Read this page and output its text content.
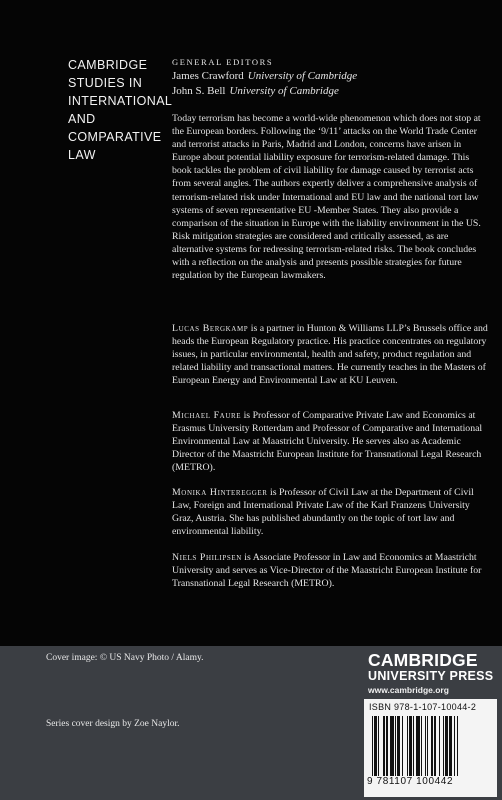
CAMBRIDGE
STUDIES IN
INTERNATIONAL
AND
COMPARATIVE
LAW
GENERAL EDITORS
James Crawford University of Cambridge
John S. Bell University of Cambridge
Today terrorism has become a world-wide phenomenon which does not stop at the European borders. Following the ‘9/11’ attacks on the World Trade Center and terrorist attacks in Paris, Madrid and London, concerns have arisen in Europe about potential liability exposure for terrorism-related damage. This book tackles the problem of civil liability for damage caused by terrorist acts from several angles. The authors expertly deliver a comprehensive analysis of terrorism-related risk under International and EU law and the national tort law systems of seven representative EU -Member States. They also provide a comparison of the situation in Europe with the liability environment in the US. Risk mitigation strategies are considered and critically assessed, as are alternative systems for redressing terrorism-related risks. The book concludes with a reflection on the analysis and presents possible strategies for future regulation by the European lawmakers.
Lucas Bergkamp is a partner in Hunton & Williams LLP’s Brussels office and heads the European Regulatory practice. His practice concentrates on regulatory issues, in particular environmental, health and safety, product regulation and related liability and transactional matters. He currently teaches in the Masters of European Energy and Environmental Law at KU Leuven.
Michael Faure is Professor of Comparative Private Law and Economics at Erasmus University Rotterdam and Professor of Comparative and International Environmental Law at Maastricht University. He serves also as Academic Director of the Maastricht European Institute for Transnational Legal Research (METRO).
Monika Hinteregger is Professor of Civil Law at the Department of Civil Law, Foreign and International Private Law of the Karl Franzens University Graz, Austria. She has published abundantly on the topic of tort law and environmental liability.
Niels Philipsen is Associate Professor in Law and Economics at Maastricht University and serves as Vice-Director of the Maastricht European Institute for Transnational Legal Research (METRO).
Cover image: © US Navy Photo / Alamy.
Series cover design by Zoe Naylor.
CAMBRIDGE
UNIVERSITY PRESS
www.cambridge.org
ISBN 978-1-107-10044-2
9 781107 100442
